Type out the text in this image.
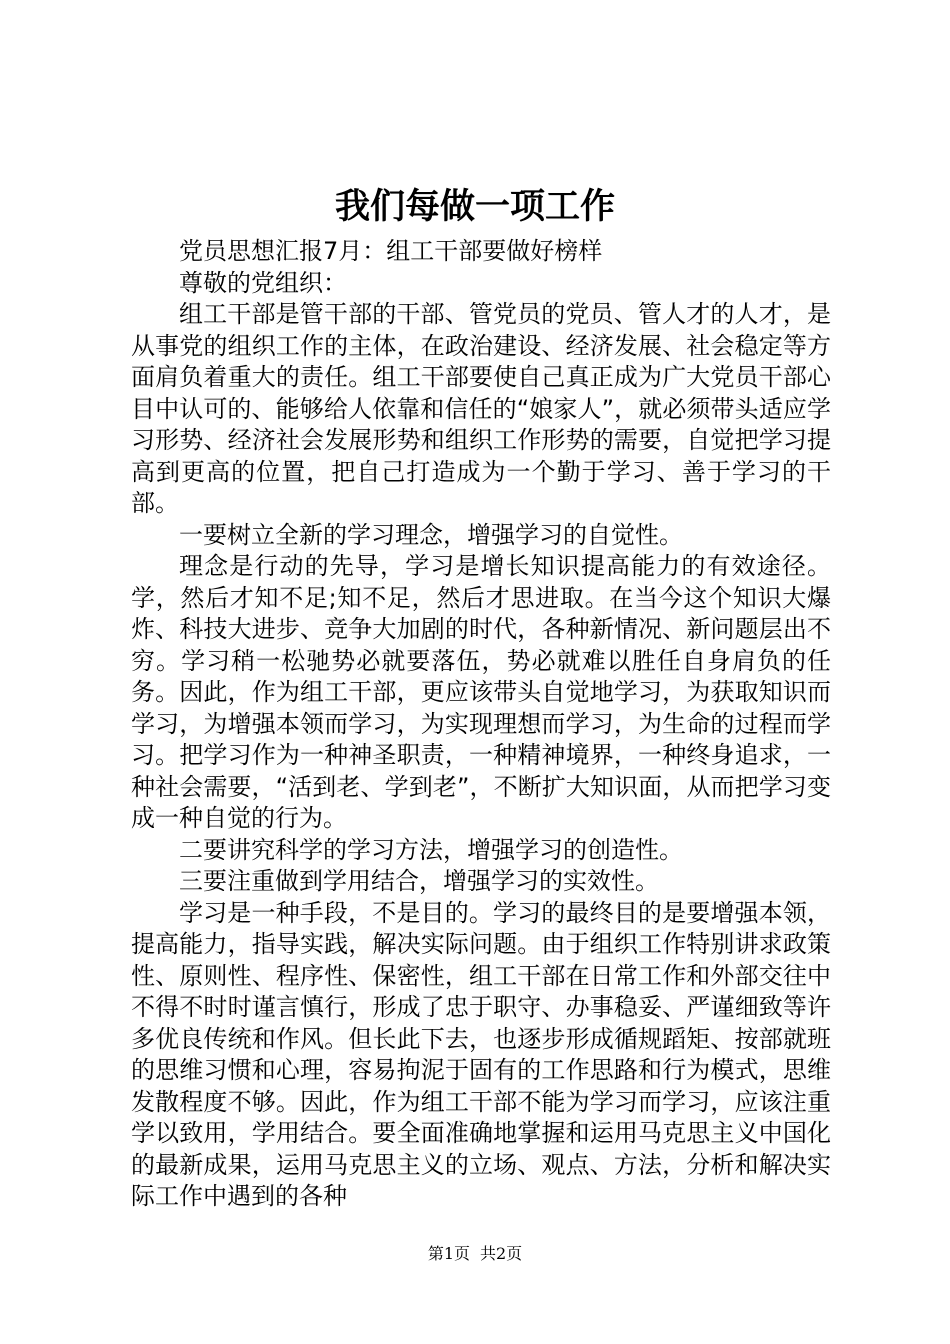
我们每做一项工作

党员思想汇报7月：组工干部要做好榜样

尊敬的党组织：

组工干部是管干部的干部、管党员的党员、管人才的人才，是从事党的组织工作的主体，在政治建设、经济发展、社会稳定等方面肩负着重大的责任。组工干部要使自己真正成为广大党员干部心目中认可的、能够给人依靠和信任的“娘家人”，就必须带头适应学习形势、经济社会发展形势和组织工作形势的需要，自觉把学习提高到更高的位置，把自己打造成为一个勤于学习、善于学习的干部。

一要树立全新的学习理念，增强学习的自觉性。

理念是行动的先导，学习是增长知识提高能力的有效途径。学，然后才知不足;知不足，然后才思进取。在当今这个知识大爆炸、科技大进步、竞争大加剧的时代，各种新情况、新问题层出不穷。学习稍一松驰势必就要落伍，势必就难以胜任自身肩负的任务。因此，作为组工干部，更应该带头自觉地学习，为获取知识而学习，为增强本领而学习，为实现理想而学习，为生命的过程而学习。把学习作为一种神圣职责，一种精神境界，一种终身追求，一种社会需要，“活到老、学到老”，不断扩大知识面，从而把学习变成一种自觉的行为。

二要讲究科学的学习方法，增强学习的创造性。

三要注重做到学用结合，增强学习的实效性。

学习是一种手段，不是目的。学习的最终目的是要增强本领，提高能力，指导实践，解决实际问题。由于组织工作特别讲求政策性、原则性、程序性、保密性，组工干部在日常工作和外部交往中不得不时时谨言慎行，形成了忠于职守、办事稳妥、严谨细致等许多优良传统和作风。但长此下去，也逐步形成循规蹈矩、按部就班的思维习惯和心理，容易拘泥于固有的工作思路和行为模式，思维发散程度不够。因此，作为组工干部不能为学习而学习，应该注重学以致用，学用结合。要全面准确地掌握和运用马克思主义中国化的最新成果，运用马克思主义的立场、观点、方法，分析和解决实际工作中遇到的各种

第1页 共2页
